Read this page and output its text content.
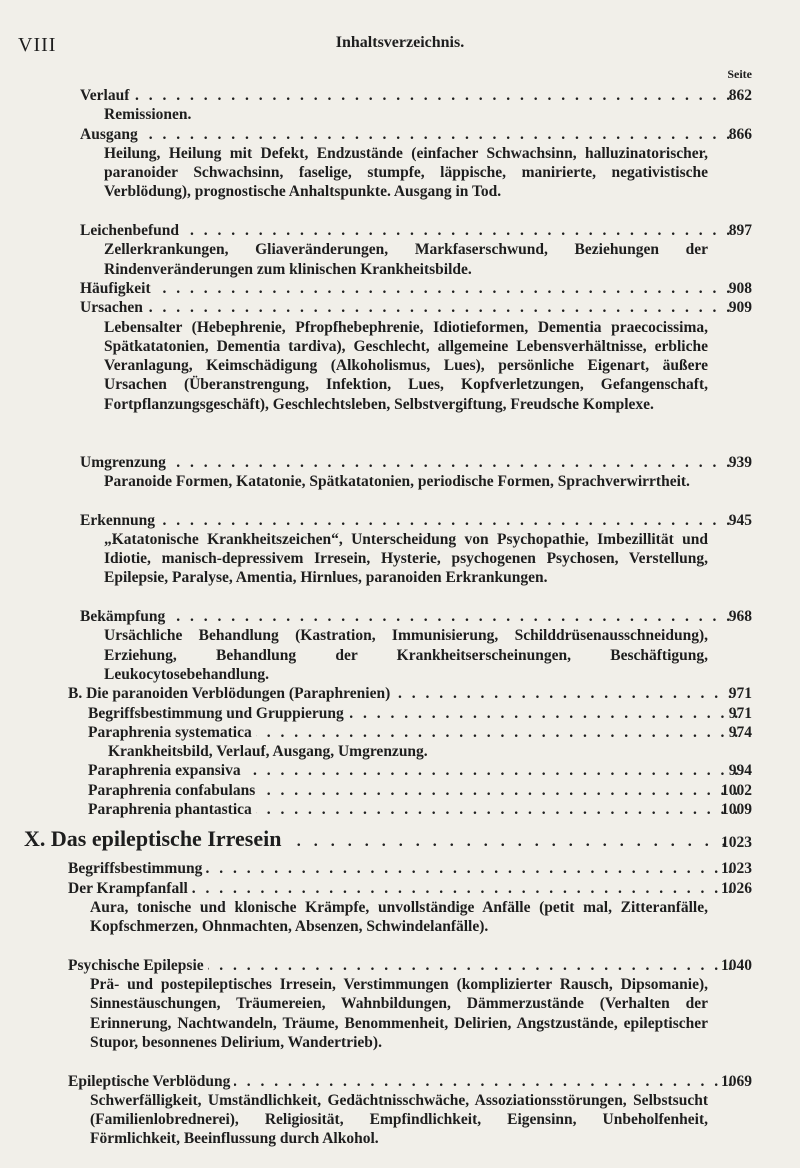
VIII	Inhaltsverzeichnis.
Seite
Verlauf . . .	862
Remissionen.
Ausgang . . .	866
Heilung, Heilung mit Defekt, Endzustände (einfacher Schwachsinn, halluzinatorischer, paranoider Schwachsinn, faselige, stumpfe, läppische, manirierte, negativistische Verblödung), prognostische Anhaltspunkte. Ausgang in Tod.
Leichenbefund . . .	897
Zellerkrankungen, Gliaveränderungen, Markfaserschwund, Beziehungen der Rindenveränderungen zum klinischen Krankheitsbilde.
Häufigkeit . . .	908
Ursachen . . .	909
Lebensalter (Hebephrenie, Pfropfhebephrenie, Idiotieformen, Dementia praecocissima, Spätkatatonien, Dementia tardiva), Geschlecht, allgemeine Lebensverhältnisse, erbliche Veranlagung, Keimschädigung (Alkoholismus, Lues), persönliche Eigenart, äußere Ursachen (Überanstrengung, Infektion, Lues, Kopfverletzungen, Gefangenschaft, Fortpflanzungsgeschäft), Geschlechtsleben, Selbstvergiftung, Freudsche Komplexe.
Umgrenzung . . .	939
Paranoide Formen, Katatonie, Spätkatatonien, periodische Formen, Sprachverwirrtheit.
Erkennung . . .	945
„Katatonische Krankheitszeichen“, Unterscheidung von Psychopathie, Imbezillität und Idiotie, manisch-depressivem Irresein, Hysterie, psychogenen Psychosen, Verstellung, Epilepsie, Paralyse, Amentia, Hirnlues, paranoiden Erkrankungen.
Bekämpfung . . .	968
Ursächliche Behandlung (Kastration, Immunisierung, Schilddrüsenausschneidung), Erziehung, Behandlung der Krankheitserscheinungen, Beschäftigung, Leukocytosebehandlung.
B. Die paranoiden Verblödungen (Paraphrenien) . . .	971
Begriffsbestimmung und Gruppierung . . .	971
Paraphrenia systematica . . .	974
Krankheitsbild, Verlauf, Ausgang, Umgrenzung.
Paraphrenia expansiva . . .	994
Paraphrenia confabulans . . .	1002
Paraphrenia phantastica . . .	1009
X. Das epileptische Irresein . . .	1023
Begriffsbestimmung . . .	1023
Der Krampfanfall . . .	1026
Aura, tonische und klonische Krämpfe, unvollständige Anfälle (petit mal, Zitteranfälle, Kopfschmerzen, Ohnmachten, Absenzen, Schwindelanfälle).
Psychische Epilepsie . . .	1040
Prä- und postepileptisches Irresein, Verstimmungen (komplizierter Rausch, Dipsomanie), Sinnestäuschungen, Träumereien, Wahnbildungen, Dämmerzustände (Verhalten der Erinnerung, Nachtwandeln, Träume, Benommenheit, Delirien, Angstzustände, epileptischer Stupor, besonnenes Delirium, Wandertrieb).
Epileptische Verblödung . . .	1069
Schwerfälligkeit, Umständlichkeit, Gedächtnisschwäche, Assoziationsstörungen, Selbstsucht (Familienlobrednerei), Religiosität, Empfindlichkeit, Eigensinn, Unbeholfenheit, Förmlichkeit, Beeinflussung durch Alkohol.
